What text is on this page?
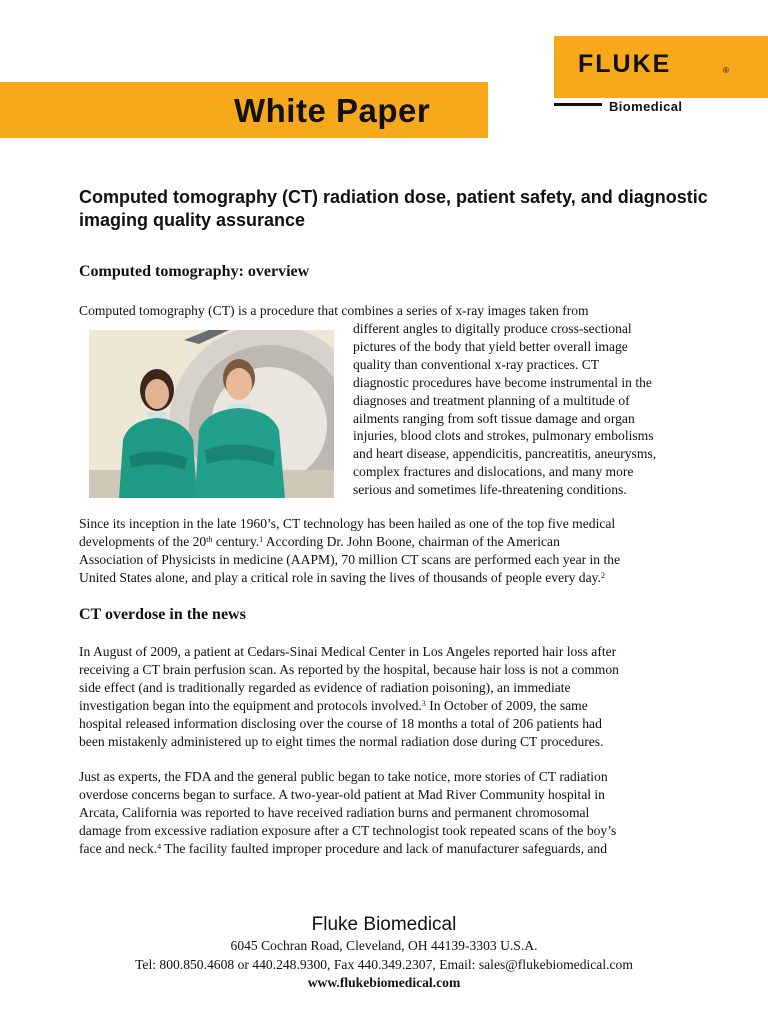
White Paper
FLUKE	®
Biomedical
Computed tomography (CT) radiation dose, patient safety, and diagnostic imaging quality assurance
Computed tomography: overview

Computed tomography (CT) is a procedure that combines a series of x-ray images taken from

different angles to digitally produce cross-sectional
pictures of the body that yield better overall image
quality than conventional x-ray practices. CT
diagnostic procedures have become instrumental in the
diagnoses and treatment planning of a multitude of
ailments ranging from soft tissue damage and organ
injuries, blood clots and strokes, pulmonary embolisms
and heart disease, appendicitis, pancreatitis, aneurysms,
complex fractures and dislocations, and many more
serious and sometimes life-threatening conditions.
Since its inception in the late 1960’s, CT technology has been hailed as one of the top five medical
developments of the 20th century.$^1$ According Dr. John Boone, chairman of the American
Association of Physicists in medicine (AAPM), 70 million CT scans are performed each year in the
United States alone, and play a critical role in saving the lives of thousands of people every day.$^2$
CT overdose in the news
In August of 2009, a patient at Cedars-Sinai Medical Center in Los Angeles reported hair loss after
receiving a CT brain perfusion scan. As reported by the hospital, because hair loss is not a common
side effect (and is traditionally regarded as evidence of radiation poisoning), an immediate
investigation began into the equipment and protocols involved.$^3$ In October of 2009, the same
hospital released information disclosing over the course of 18 months a total of 206 patients had
been mistakenly administered up to eight times the normal radiation dose during CT procedures.
Just as experts, the FDA and the general public began to take notice, more stories of CT radiation
overdose concerns began to surface. A two-year-old patient at Mad River Community hospital in
Arcata, California was reported to have received radiation burns and permanent chromosomal
damage from excessive radiation exposure after a CT technologist took repeated scans of the boy’s
face and neck.$^4$ The facility faulted improper procedure and lack of manufacturer safeguards, and
Fluke Biomedical
6045 Cochran Road, Cleveland, OH 44139-3303 U.S.A.
Tel: 800.850.4608 or 440.248.9300, Fax 440.349.2307, Email: sales@flukebiomedical.com
www.flukebiomedical.com
